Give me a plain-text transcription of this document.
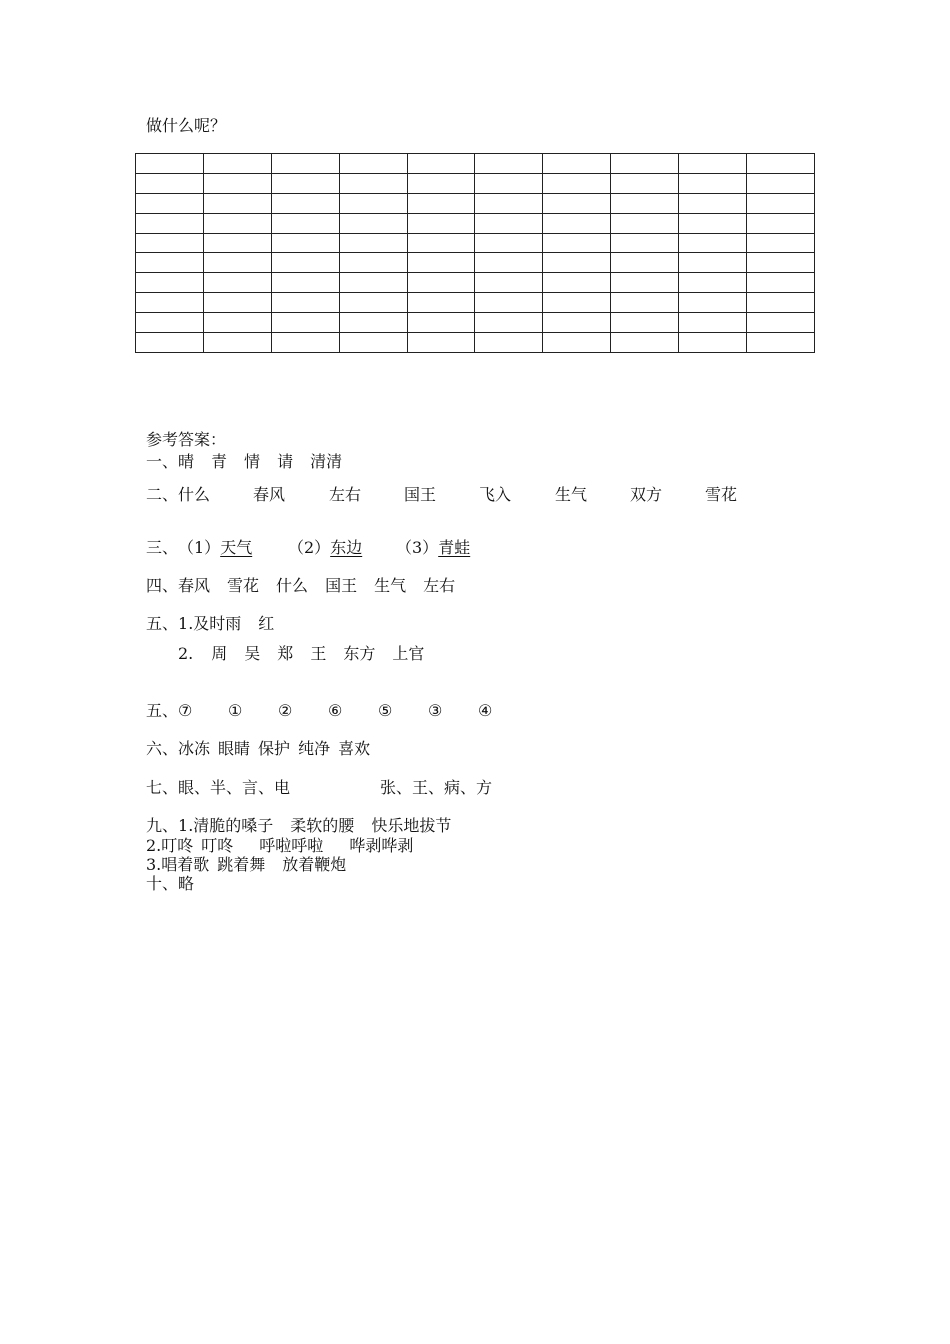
做什么呢？

参考答案：
一、晴 青 情 请 清清
二、 什么	春风	左右	国王	飞入	生气	双方	雪花
三、 （1）天气 （2）东边 （3）青蛙
四、春风 雪花 什么 国王 生气 左右
五、1.及时雨 红
2. 周 吴 郑 王 东方 上官
五、 ⑦ ① ② ⑥ ⑤ ③ ④
六、冰冻 眼睛 保护 纯净 喜欢
七、眼、半、言、电	张、王、病、方
九、1.清脆的嗓子 柔软的腰 快乐地拔节
2.叮咚 叮咚 呼啦呼啦 哗剥哗剥
3.唱着歌 跳着舞 放着鞭炮
十、略
